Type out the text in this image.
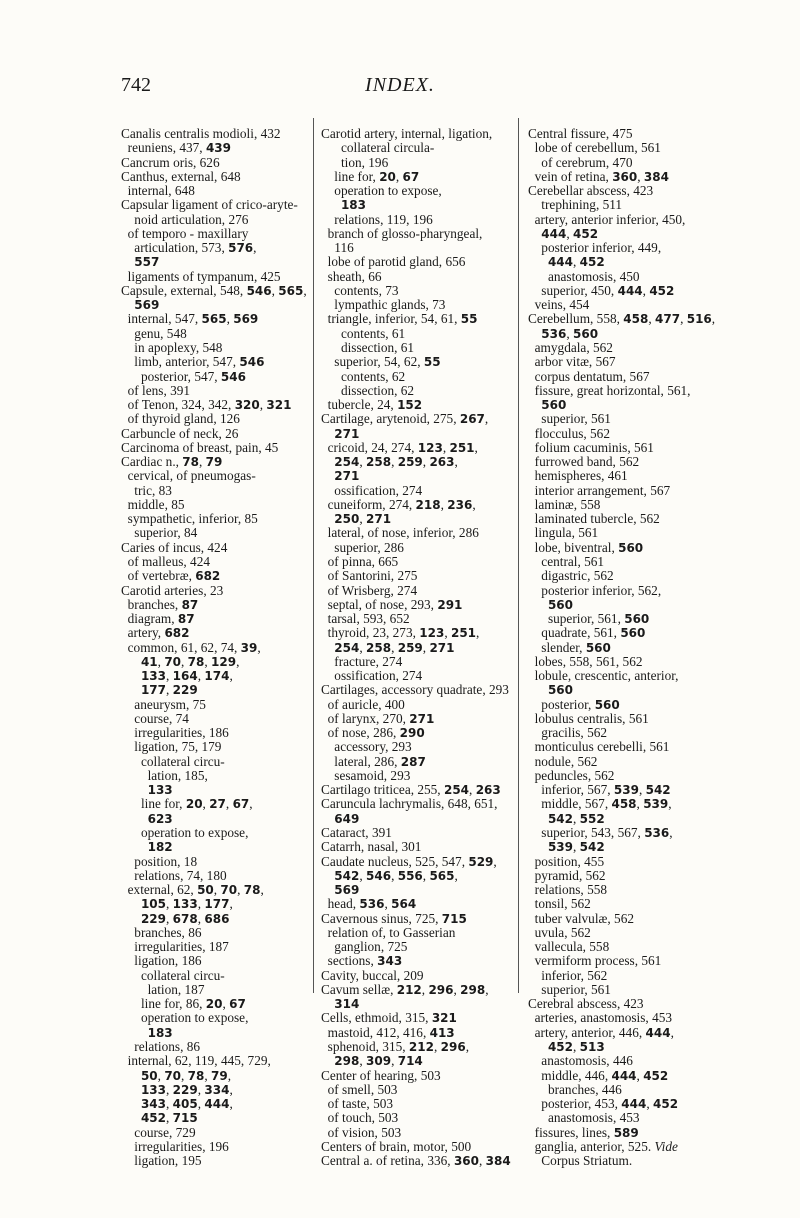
742	INDEX.
Canalis centralis modioli, 432
reuniens, 437, 439
Cancrum oris, 626
Canthus, external, 648
internal, 648
Capsular ligament of crico-aryte-
noid articulation, 276
of temporo - maxillary
articulation, 573, 576,
557
ligaments of tympanum, 425
Capsule, external, 548, 546, 565,
569
internal, 547, 565, 569
genu, 548
in apoplexy, 548
limb, anterior, 547, 546
posterior, 547, 546
of lens, 391
of Tenon, 324, 342, 320, 321
of thyroid gland, 126
Carbuncle of neck, 26
Carcinoma of breast, pain, 45
Cardiac n., 78, 79
cervical, of pneumogas-
tric, 83
middle, 85
sympathetic, inferior, 85
superior, 84
Caries of incus, 424
of malleus, 424
of vertebræ, 682
Carotid arteries, 23
branches, 87
diagram, 87
artery, 682
common, 61, 62, 74, 39,
41, 70, 78, 129,
133, 164, 174,
177, 229
aneurysm, 75
course, 74
irregularities, 186
ligation, 75, 179
collateral circu-
lation, 185,
133
line for, 20, 27, 67,
623
operation to expose,
182
position, 18
relations, 74, 180
external, 62, 50, 70, 78,
105, 133, 177,
229, 678, 686
branches, 86
irregularities, 187
ligation, 186
collateral circu-
lation, 187
line for, 86, 20, 67
operation to expose,
183
relations, 86
internal, 62, 119, 445, 729,
50, 70, 78, 79,
133, 229, 334,
343, 405, 444,
452, 715
course, 729
irregularities, 196
ligation, 195
Carotid artery, internal, ligation,
collateral circula-
tion, 196
line for, 20, 67
operation to expose,
183
relations, 119, 196
branch of glosso-pharyngeal,
116
lobe of parotid gland, 656
sheath, 66
contents, 73
lympathic glands, 73
triangle, inferior, 54, 61, 55
contents, 61
dissection, 61
superior, 54, 62, 55
contents, 62
dissection, 62
tubercle, 24, 152
Cartilage, arytenoid, 275, 267,
271
cricoid, 24, 274, 123, 251,
254, 258, 259, 263,
271
ossification, 274
cuneiform, 274, 218, 236,
250, 271
lateral, of nose, inferior, 286
superior, 286
of pinna, 665
of Santorini, 275
of Wrisberg, 274
septal, of nose, 293, 291
tarsal, 593, 652
thyroid, 23, 273, 123, 251,
254, 258, 259, 271
fracture, 274
ossification, 274
Cartilages, accessory quadrate, 293
of auricle, 400
of larynx, 270, 271
of nose, 286, 290
accessory, 293
lateral, 286, 287
sesamoid, 293
Cartilago triticea, 255, 254, 263
Caruncula lachrymalis, 648, 651,
649
Cataract, 391
Catarrh, nasal, 301
Caudate nucleus, 525, 547, 529,
542, 546, 556, 565,
569
head, 536, 564
Cavernous sinus, 725, 715
relation of, to Gasserian
ganglion, 725
sections, 343
Cavity, buccal, 209
Cavum sellæ, 212, 296, 298,
314
Cells, ethmoid, 315, 321
mastoid, 412, 416, 413
sphenoid, 315, 212, 296,
298, 309, 714
Center of hearing, 503
of smell, 503
of taste, 503
of touch, 503
of vision, 503
Centers of brain, motor, 500
Central a. of retina, 336, 360, 384
Central fissure, 475
lobe of cerebellum, 561
of cerebrum, 470
vein of retina, 360, 384
Cerebellar abscess, 423
trephining, 511
artery, anterior inferior, 450,
444, 452
posterior inferior, 449,
444, 452
anastomosis, 450
superior, 450, 444, 452
veins, 454
Cerebellum, 558, 458, 477, 516,
536, 560
amygdala, 562
arbor vitæ, 567
corpus dentatum, 567
fissure, great horizontal, 561,
560
superior, 561
flocculus, 562
folium cacuminis, 561
furrowed band, 562
hemispheres, 461
interior arrangement, 567
laminæ, 558
laminated tubercle, 562
lingula, 561
lobe, biventral, 560
central, 561
digastric, 562
posterior inferior, 562,
560
superior, 561, 560
quadrate, 561, 560
slender, 560
lobes, 558, 561, 562
lobule, crescentic, anterior,
560
posterior, 560
lobulus centralis, 561
gracilis, 562
monticulus cerebelli, 561
nodule, 562
peduncles, 562
inferior, 567, 539, 542
middle, 567, 458, 539,
542, 552
superior, 543, 567, 536,
539, 542
position, 455
pyramid, 562
relations, 558
tonsil, 562
tuber valvulæ, 562
uvula, 562
vallecula, 558
vermiform process, 561
inferior, 562
superior, 561
Cerebral abscess, 423
arteries, anastomosis, 453
artery, anterior, 446, 444,
452, 513
anastomosis, 446
middle, 446, 444, 452
branches, 446
posterior, 453, 444, 452
anastomosis, 453
fissures, lines, 589
ganglia, anterior, 525. Vide
Corpus Striatum.
